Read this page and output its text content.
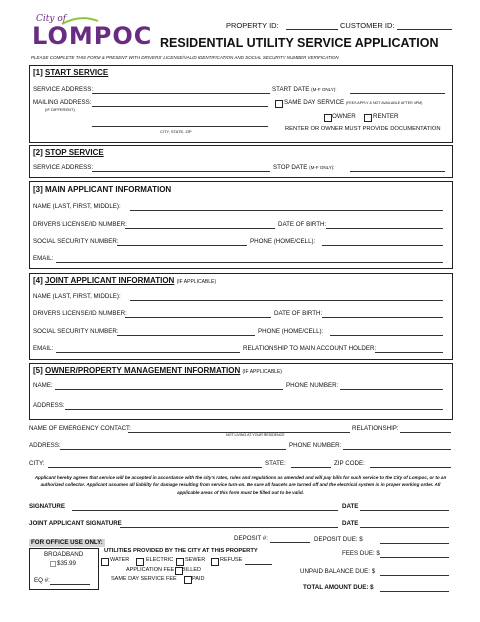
City of
LOMPOC	PROPERTY ID:	CUSTOMER ID:
RESIDENTIAL UTILITY SERVICE APPLICATION
PLEASE COMPLETE THIS FORM & PRESENT WITH DRIVERS' LICENSE/VALID IDENTIFICATION AND SOCIAL SECURITY NUMBER VERIFICATION
[1] START SERVICE
SERVICE ADDRESS:	START DATE (M-F ONLY):
MAILING ADDRESS:
(IF DIFFERENT)
SAME DAY SERVICE (FEES APPLY & NOT AVAILABLE AFTER 4PM)
OWNER	RENTER
CITY, STATE, ZIP	RENTER OR OWNER MUST PROVIDE DOCUMENTATION
[2] STOP SERVICE
SERVICE ADDRESS:	STOP DATE (M-F ONLY):
[3] MAIN APPLICANT INFORMATION
NAME (LAST, FIRST, MIDDLE):
DRIVERS LICENSE/ID NUMBER:	DATE OF BIRTH:
SOCIAL SECURITY NUMBER:	PHONE (HOME/CELL):
EMAIL:
[4] JOINT APPLICANT INFORMATION (IF APPLICABLE)
NAME (LAST, FIRST, MIDDLE):
DRIVERS LICENSE/ID NUMBER:	DATE OF BIRTH:
SOCIAL SECURITY NUMBER:	PHONE (HOME/CELL):
EMAIL:	RELATIONSHIP TO MAIN ACCOUNT HOLDER:
[5] OWNER/PROPERTY MANAGEMENT INFORMATION (IF APPLICABLE)
NAME:	PHONE NUMBER:
ADDRESS:
NAME OF EMERGENCY CONTACT:
NOT LIVING AT YOUR RESIDENCE
RELATIONSHIP:
ADDRESS:	PHONE NUMBER:
CITY:	STATE:	ZIP CODE:
Applicant hereby agrees that service will be accepted in accordance with the city's rates, rules and regulations as amended and will pay bills for such service to the City of Lompoc, or to an authorized collector. Applicant assumes all liability for damage resulting from service turn-on. Be sure all faucets are turned off and the electrical system is in proper working order. All applicable areas of this form must be filled out to be valid.
SIGNATURE	DATE
JOINT APPLICANT SIGNATURE	DATE
FOR OFFICE USE ONLY:
DEPOSIT #:	DEPOSIT DUE: $
BROADBAND
$35.99
EQ #:
UTILITIES PROVIDED BY THE CITY AT THIS PROPERTY
WATER	ELECTRIC SEWER	REFUSE
APPLICATION FEE BILLED
SAME DAY SERVICE FEE	PAID
FEES DUE: $
UNPAID BALANCE DUE: $
TOTAL AMOUNT DUE: $
